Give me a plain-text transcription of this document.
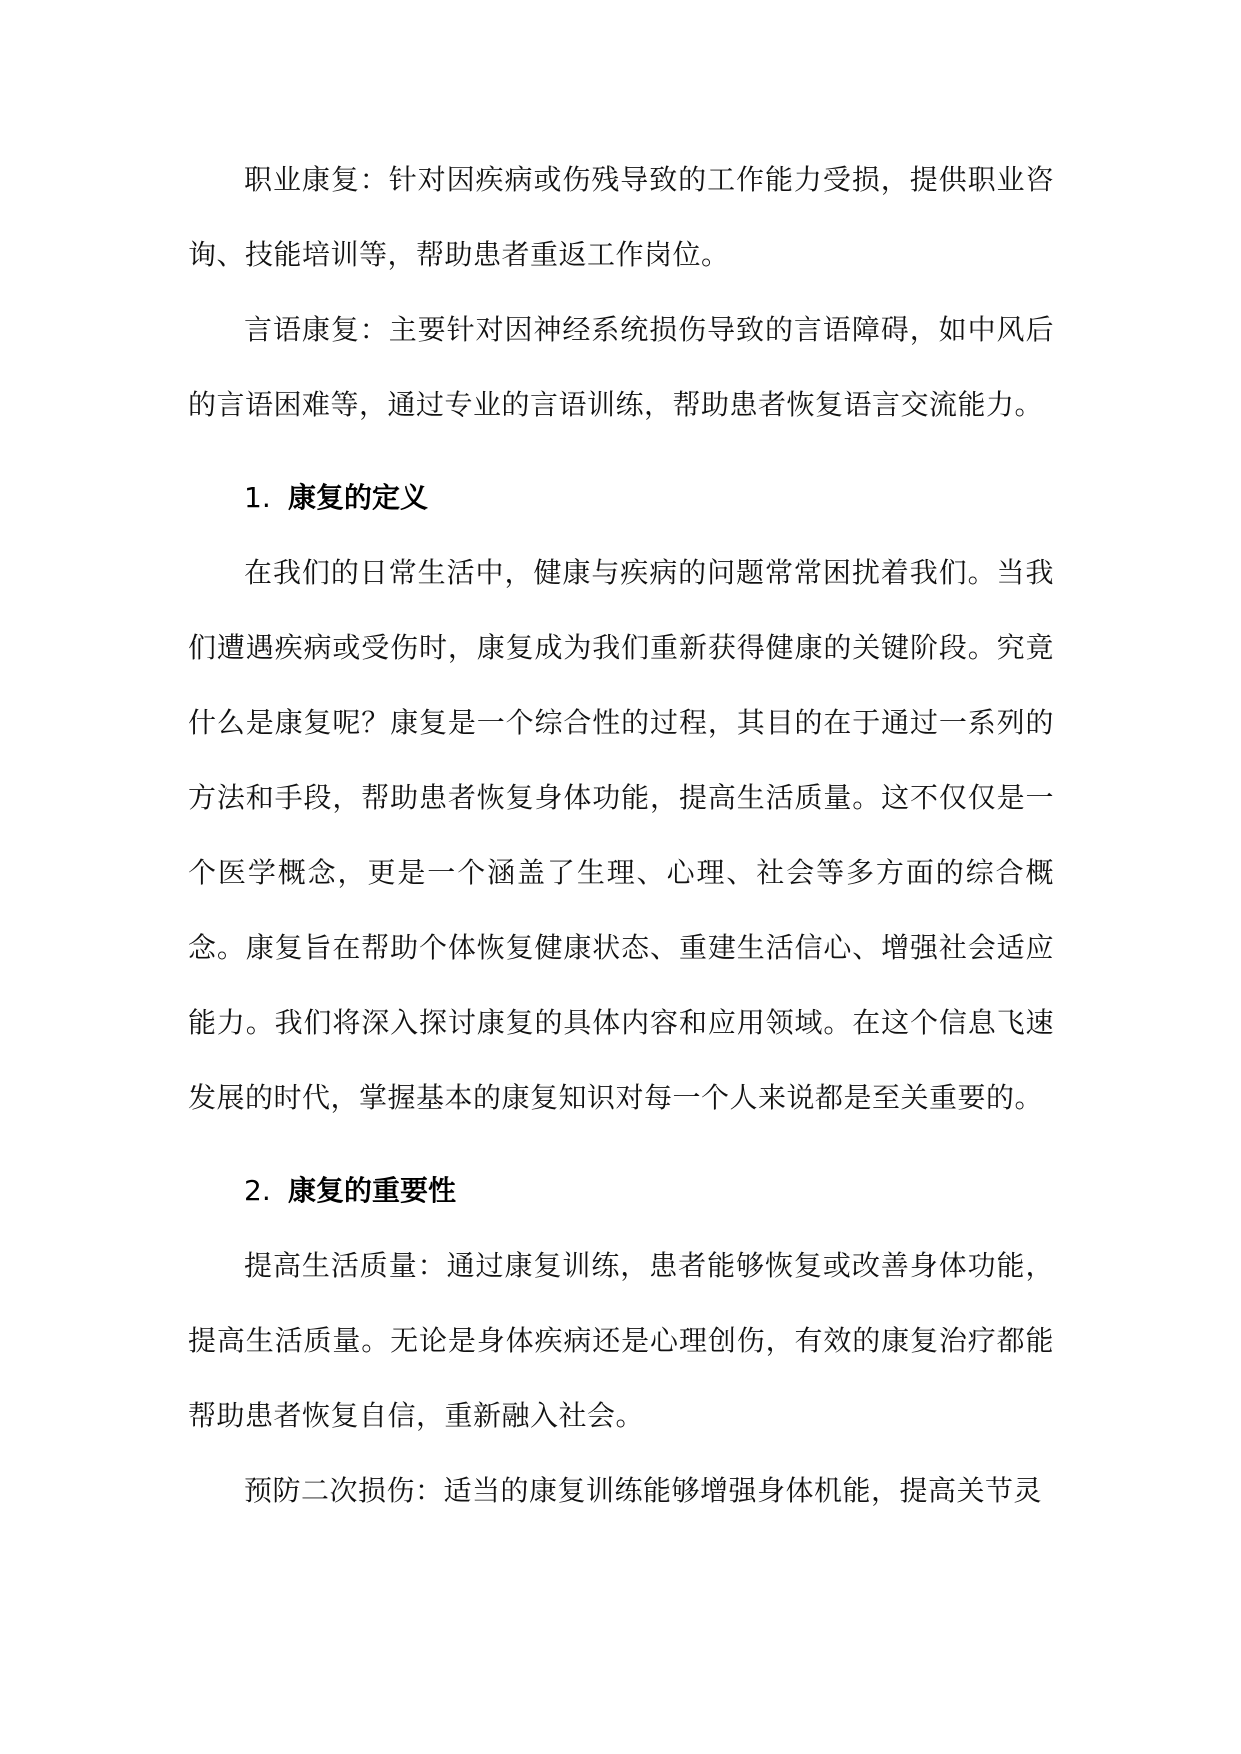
职业康复：针对因疾病或伤残导致的工作能力受损，提供职业咨询、技能培训等，帮助患者重返工作岗位。

言语康复：主要针对因神经系统损伤导致的言语障碍，如中风后的言语困难等，通过专业的言语训练，帮助患者恢复语言交流能力。

1. 康复的定义

在我们的日常生活中，健康与疾病的问题常常困扰着我们。当我们遭遇疾病或受伤时，康复成为我们重新获得健康的关键阶段。究竟什么是康复呢？康复是一个综合性的过程，其目的在于通过一系列的方法和手段，帮助患者恢复身体功能，提高生活质量。这不仅仅是一个医学概念，更是一个涵盖了生理、心理、社会等多方面的综合概念。康复旨在帮助个体恢复健康状态、重建生活信心、增强社会适应能力。我们将深入探讨康复的具体内容和应用领域。在这个信息飞速发展的时代，掌握基本的康复知识对每一个人来说都是至关重要的。

2. 康复的重要性

提高生活质量：通过康复训练，患者能够恢复或改善身体功能，提高生活质量。无论是身体疾病还是心理创伤，有效的康复治疗都能帮助患者恢复自信，重新融入社会。

预防二次损伤：适当的康复训练能够增强身体机能，提高关节灵
